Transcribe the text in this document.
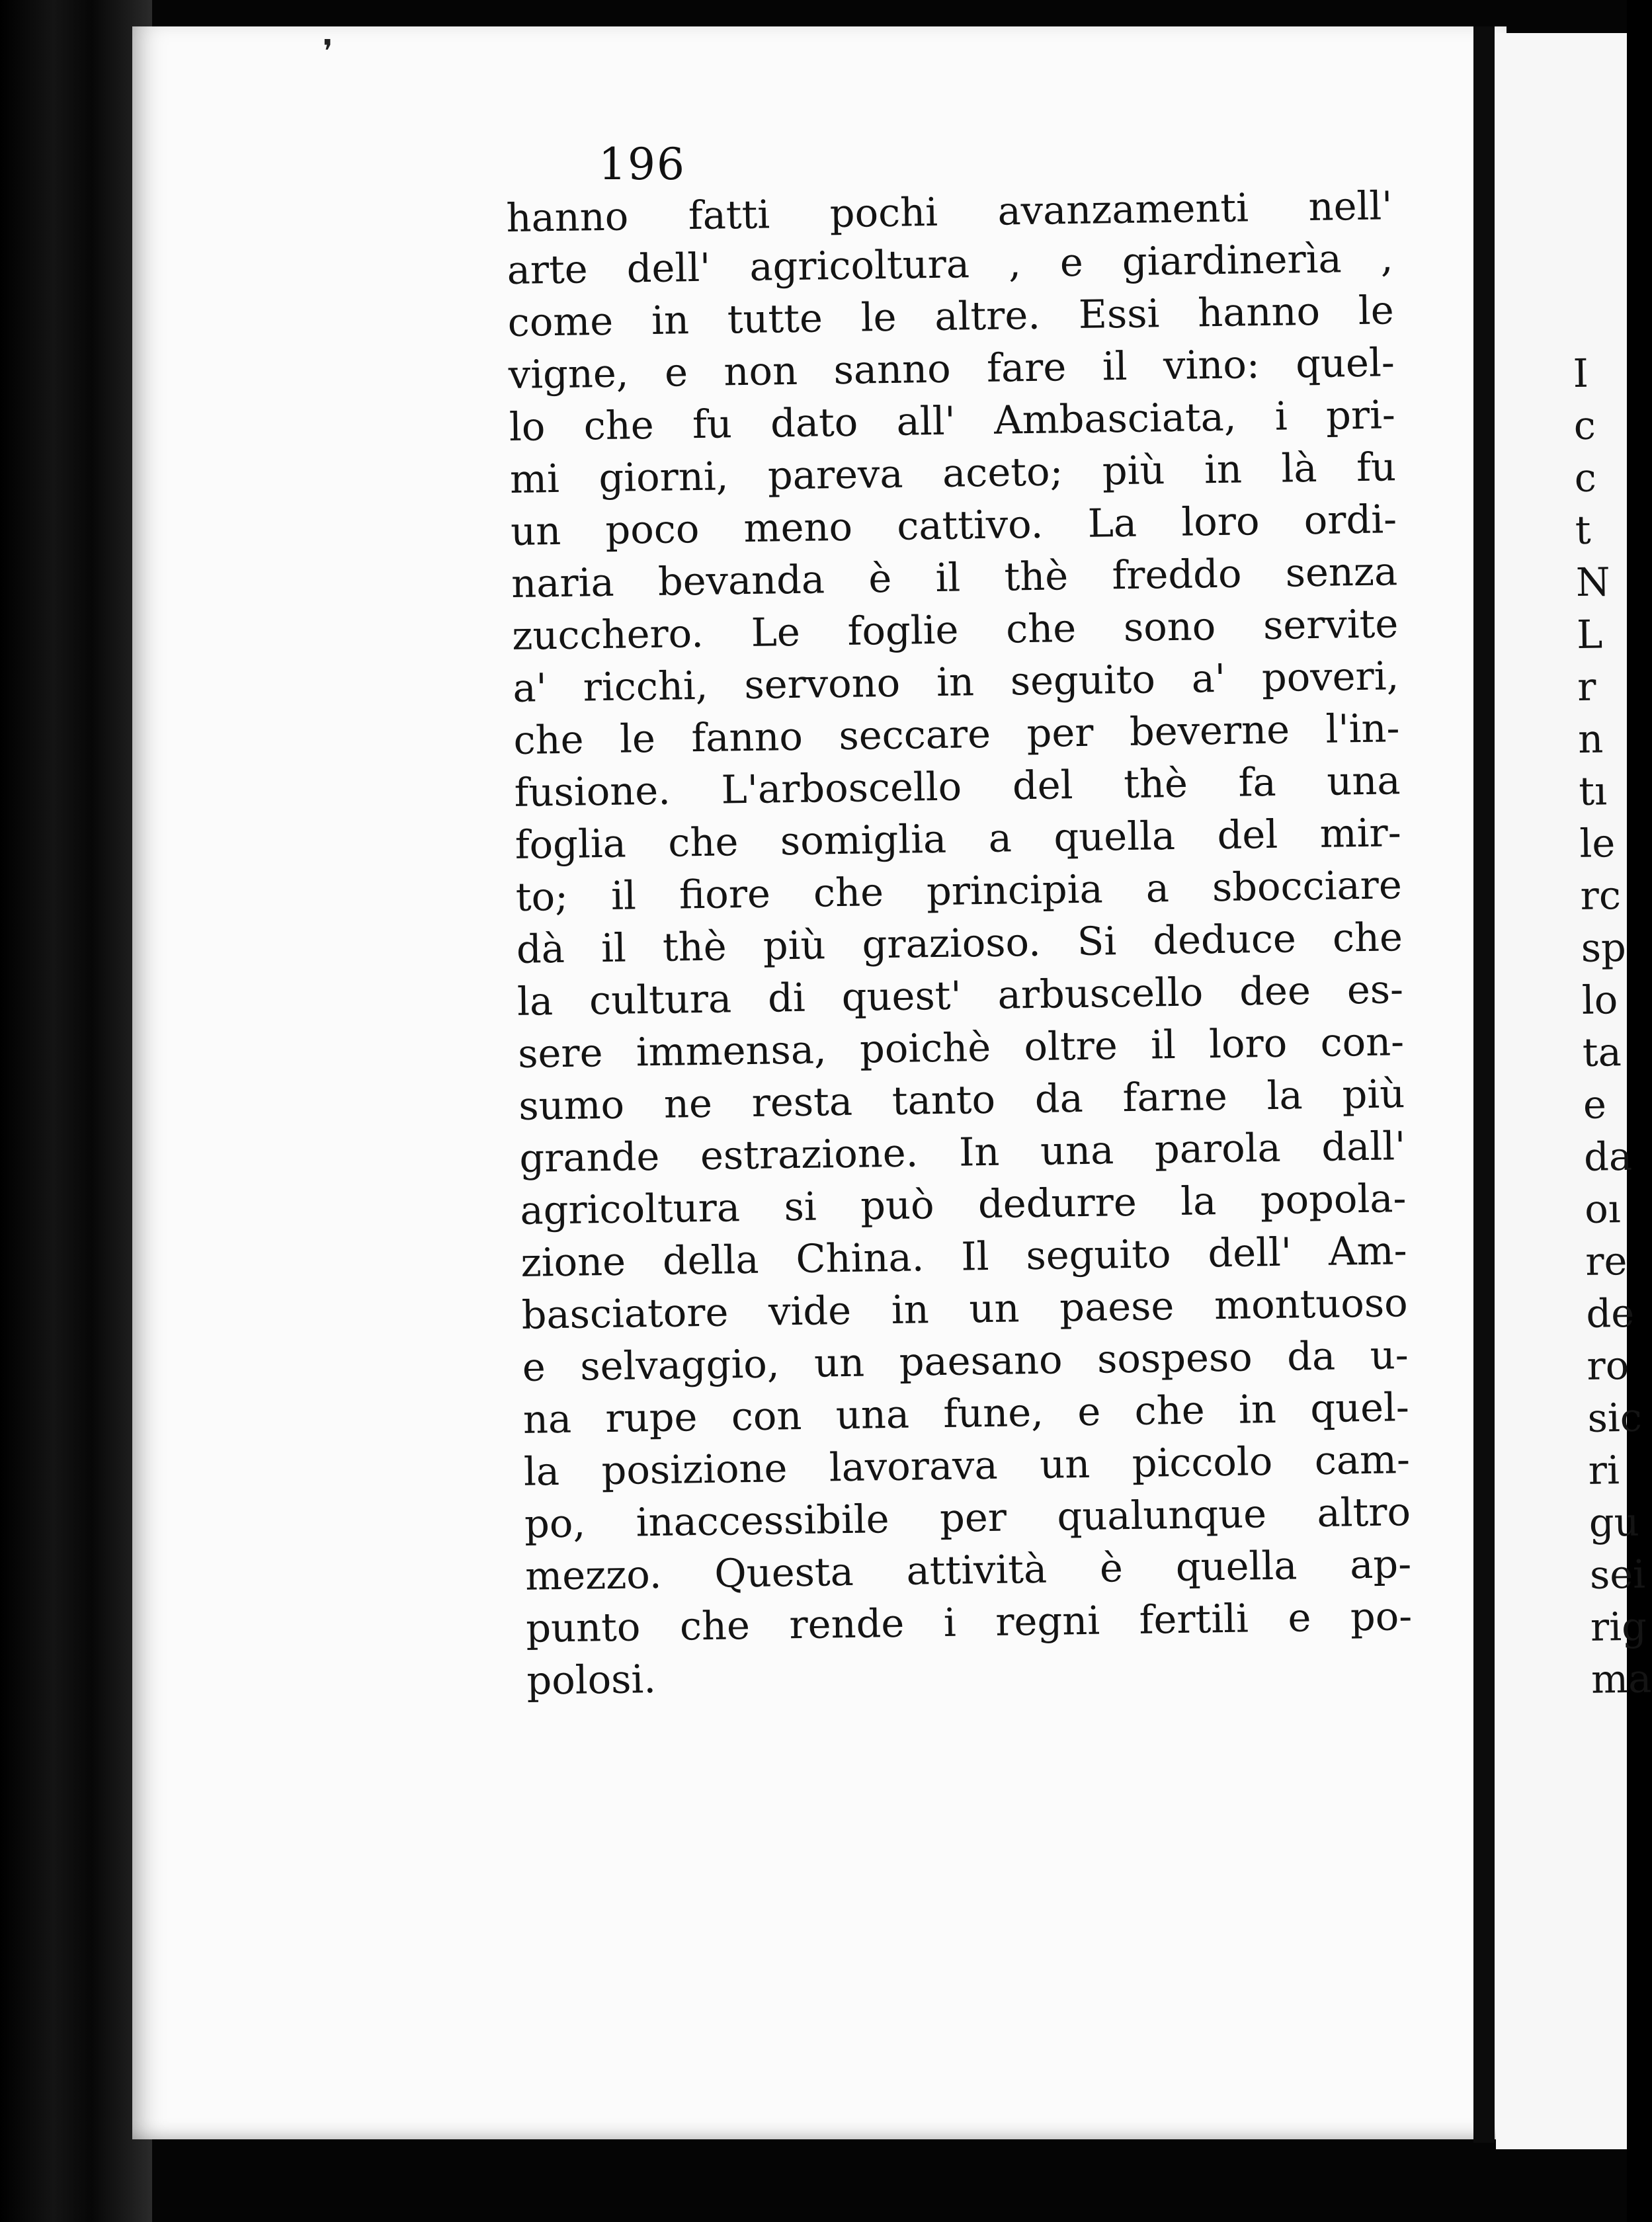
❜
196
hanno fatti pochi avanzamenti nell'
arte dell' agricoltura , e giardinerìa ,
come in tutte le altre. Essi hanno le
vigne, e non sanno fare il vino: quel-
lo che fu dato all' Ambasciata, i pri-
mi giorni, pareva aceto; più in là fu
un poco meno cattivo. La loro ordi-
naria bevanda è il thè freddo senza
zucchero. Le foglie che sono servite
a' ricchi, servono in seguito a' poveri,
che le fanno seccare per beverne l'in-
fusione. L'arboscello del thè fa una
foglia che somiglia a quella del mir-
to; il fiore che principia a sbocciare
dà il thè più grazioso. Si deduce che
la cultura di quest' arbuscello dee es-
sere immensa, poichè oltre il loro con-
sumo ne resta tanto da farne la più
grande estrazione. In una parola dall'
agricoltura si può dedurre la popola-
zione della China. Il seguito dell' Am-
basciatore vide in un paese montuoso
e selvaggio, un paesano sospeso da u-
na rupe con una fune, e che in quel-
la posizione lavorava un piccolo cam-
po, inaccessibile per qualunque altro
mezzo. Questa attività è quella ap-
punto che rende i regni fertili e po-
polosi.
I
c
c
t
N
L
r
n
tı
le
rc
sp
lo
ta
e
da
oı
re
de
ro
sic
ri
gu
sei
rig
ma
